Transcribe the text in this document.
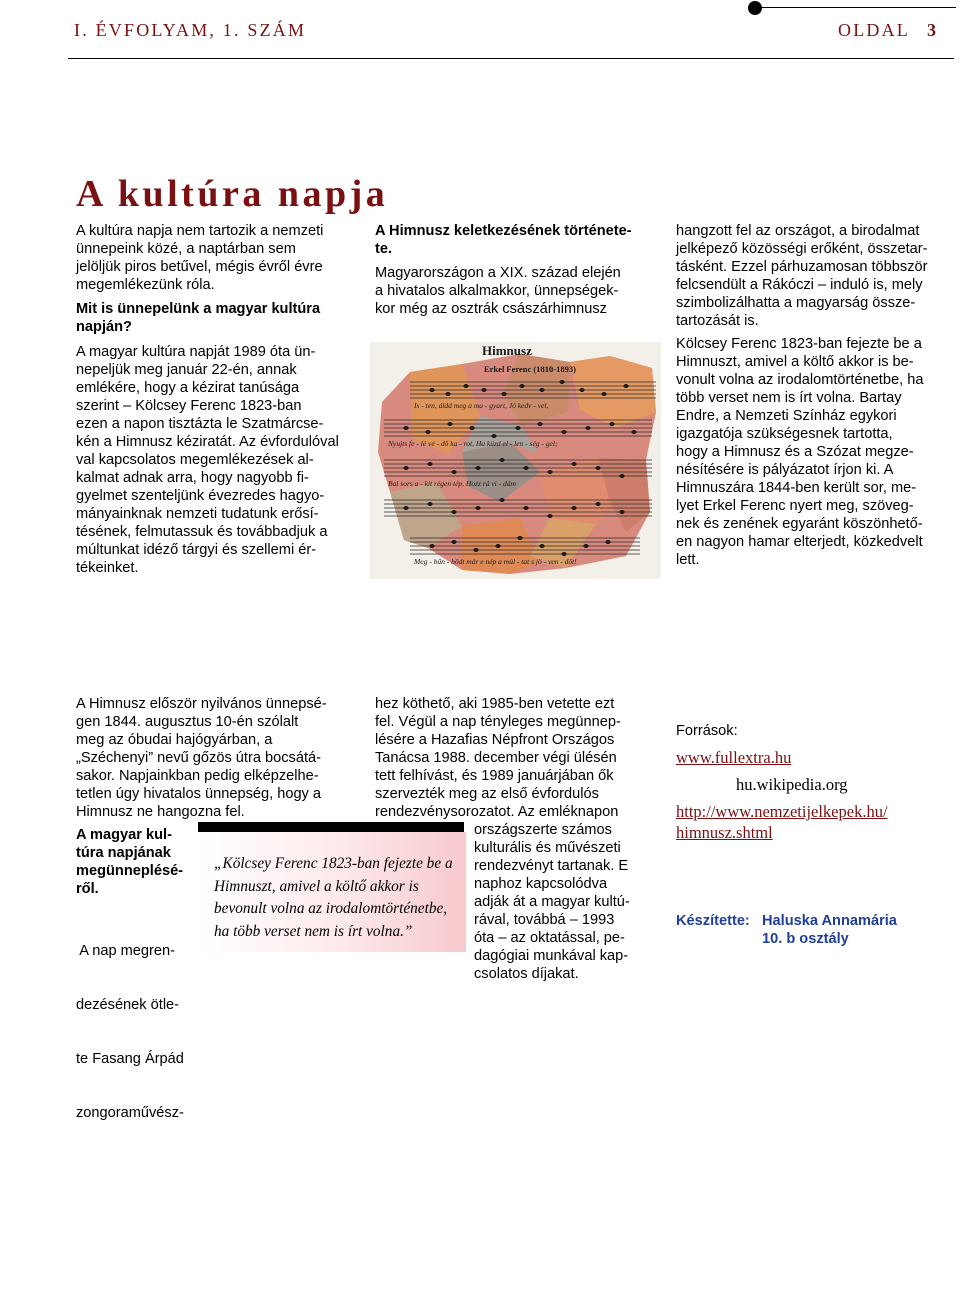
I. ÉVFOLYAM, 1. SZÁM	OLDAL 3
A kultúra napja

A kultúra napja nem tartozik a nemzeti

ünnepeink közé, a naptárban sem

jelöljük piros betűvel, mégis évről évre

megemlékezünk róla.

Mit is ünnepelünk a magyar kultúra

napján?

A magyar kultúra napját 1989 óta ün-

nepeljük meg január 22-én, annak

emlékére, hogy a kézirat tanúsága

szerint – Kölcsey Ferenc 1823-ban

ezen a napon tisztázta le Szatmárcse-

kén a Himnusz kéziratát. Az évfordulóval

val kapcsolatos megemlékezések al-

kalmat adnak arra, hogy nagyobb fi-

gyelmet szenteljünk évezredes hagyo-

mányainknak nemzeti tudatunk erősí-

tésének, felmutassuk és továbbadjuk a

múltunkat idéző tárgyi és szellemi ér-

tékeinket.

A Himnusz keletkezésének története-

te.

Magyarországon a XIX. század elején

a hivatalos alkalmakkor, ünnepségek-

kor még az osztrák császárhimnusz

Himnusz
Erkel Ferenc (1810-1893)
Is - ten, áldd meg a ma - gyart, Jó kedv - vel,
Nyujts fe - lé vé - dő ka - rot, Ha küzd el - len - ség - gel;
Bal sors a - kit régen tép, Hozz rá vi - dám
Meg - bűn - hödt már e nép a múl - tat s jö - ven - dőt!

hangzott fel az országot, a birodalmat

jelképező közösségi erőként, összetar-

tásként. Ezzel párhuzamosan többször

felcsendült a Rákóczi – induló is, mely

szimbolizálhatta a magyarság össze-

tartozását is.

Kölcsey Ferenc 1823-ban fejezte be a

Himnuszt, amivel a költő akkor is be-

vonult volna az irodalomtörténetbe, ha

több verset nem is írt volna. Bartay

Endre, a Nemzeti Színház egykori

igazgatója szükségesnek tartotta,

hogy a Himnusz és a Szózat megze-

nésítésére is pályázatot írjon ki. A

Himnuszára 1844-ben került sor, me-

lyet Erkel Ferenc nyert meg, szöveg-

nek és zenének egyaránt köszönhető-

en nagyon hamar elterjedt, közkedvelt

lett.

A Himnusz először nyilvános ünnepsé-

gen 1844. augusztus 10-én szólalt

meg az óbudai hajógyárban, a

„Széchenyi” nevű gőzös útra bocsátá-

sakor. Napjainkban pedig elképzelhe-

tetlen úgy hivatalos ünnepség, hogy a

Himnusz ne hangozna fel.

A magyar kul-

túra napjának

megünneplésé-

ről.

A nap megren-

dezésének ötle-

te Fasang Árpád

zongoraművész-

„Kölcsey Ferenc 1823-ban fejezte be a
Himnuszt, amivel a költő akkor is
bevonult volna az irodalomtörténetbe,
ha több verset nem is írt volna.”

hez köthető, aki 1985-ben vetette ezt

fel. Végül a nap tényleges megünnep-

lésére a Hazafias Népfront Országos

Tanácsa 1988. december végi ülésén

tett felhívást, és 1989 januárjában ők

szervezték meg az első évfordulós

rendezvénysorozatot. Az emléknapon

országszerte számos

kulturális és művészeti

rendezvényt tartanak. E

naphoz kapcsolódva

adják át a magyar kultú-

rával, továbbá – 1993

óta – az oktatással, pe-

dagógiai munkával kap-

csolatos díjakat.

Források:
www.fullextra.hu
hu.wikipedia.org
http://www.nemzetijelkepek.hu/
himnusz.shtml
Készítette: Haluska Annamária
10. b osztály
